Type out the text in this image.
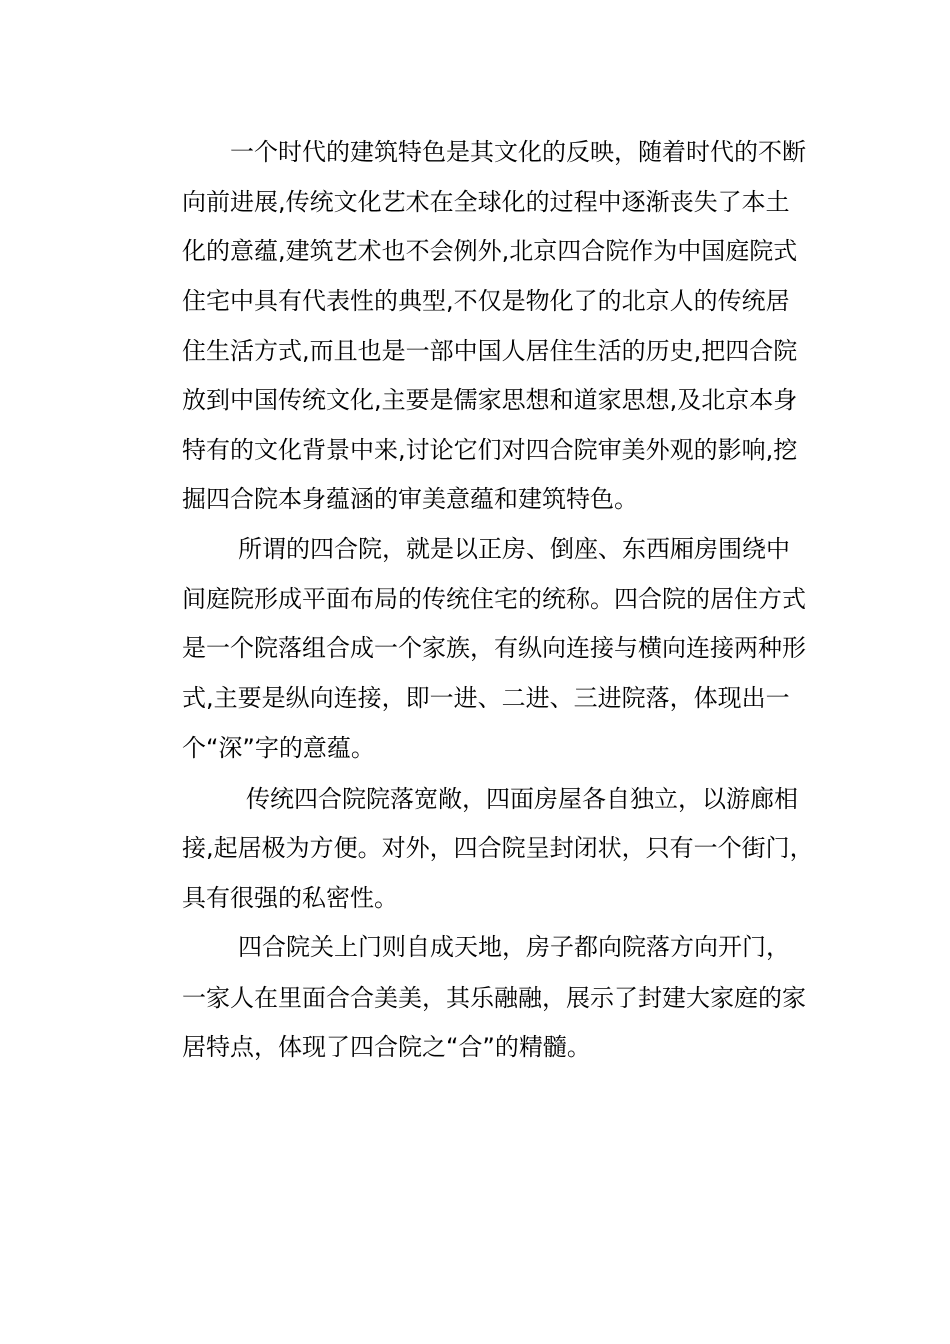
一个时代的建筑特色是其文化的反映，随着时代的不断

向前进展,传统文化艺术在全球化的过程中逐渐丧失了本土

化的意蕴,建筑艺术也不会例外,北京四合院作为中国庭院式

住宅中具有代表性的典型,不仅是物化了的北京人的传统居

住生活方式,而且也是一部中国人居住生活的历史,把四合院

放到中国传统文化,主要是儒家思想和道家思想,及北京本身

特有的文化背景中来,讨论它们对四合院审美外观的影响,挖

掘四合院本身蕴涵的审美意蕴和建筑特色。

所谓的四合院，就是以正房、倒座、东西厢房围绕中

间庭院形成平面布局的传统住宅的统称。四合院的居住方式

是一个院落组合成一个家族，有纵向连接与横向连接两种形

式,主要是纵向连接，即一进、二进、三进院落，体现出一

个“深”字的意蕴。

传统四合院院落宽敞，四面房屋各自独立，以游廊相

接,起居极为方便。对外，四合院呈封闭状，只有一个街门，

具有很强的私密性。

四合院关上门则自成天地，房子都向院落方向开门，

一家人在里面合合美美，其乐融融，展示了封建大家庭的家

居特点，体现了四合院之“合”的精髓。
